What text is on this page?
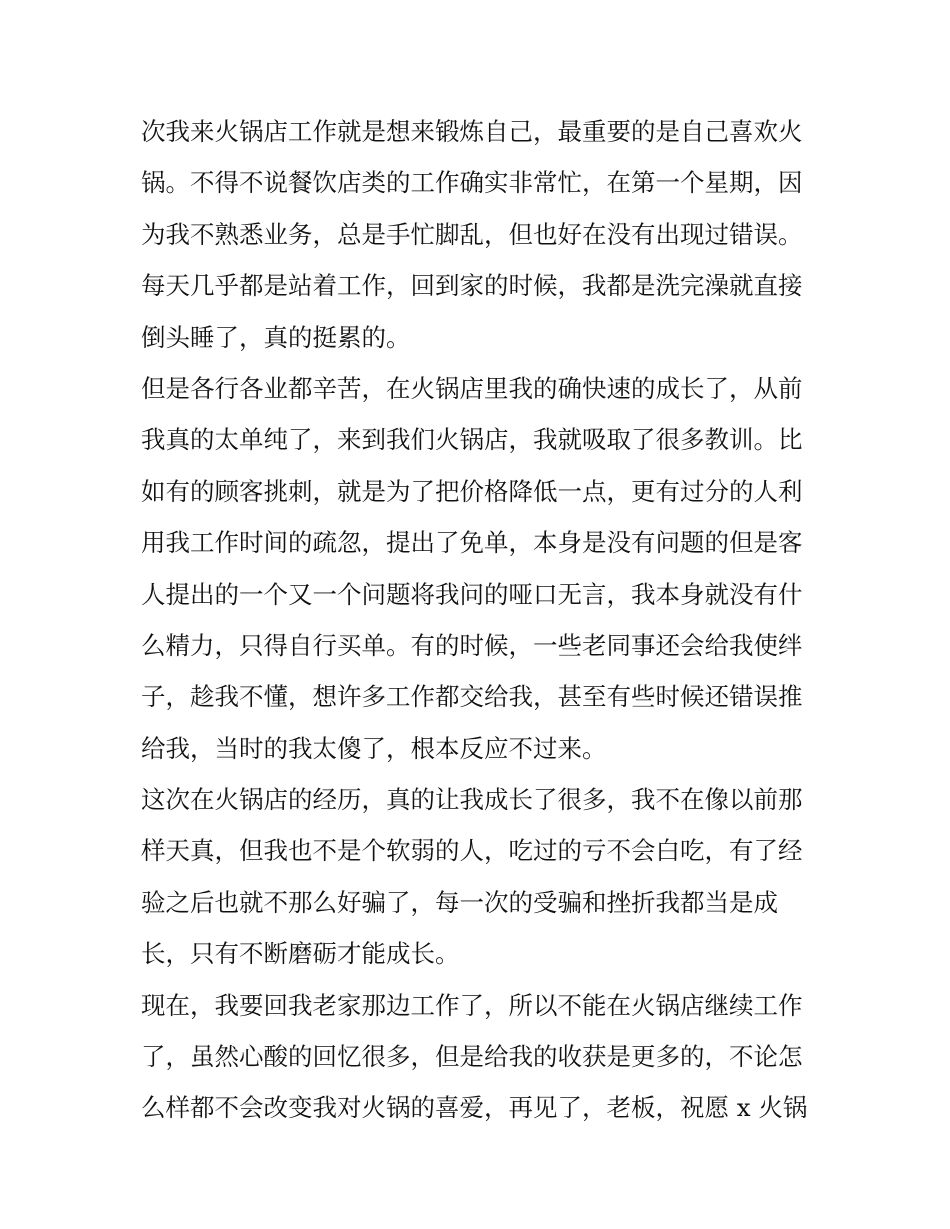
次我来火锅店工作就是想来锻炼自己，最重要的是自己喜欢火
锅。不得不说餐饮店类的工作确实非常忙，在第一个星期，因
为我不熟悉业务，总是手忙脚乱，但也好在没有出现过错误。
每天几乎都是站着工作，回到家的时候，我都是洗完澡就直接
倒头睡了，真的挺累的。
但是各行各业都辛苦，在火锅店里我的确快速的成长了，从前
我真的太单纯了，来到我们火锅店，我就吸取了很多教训。比
如有的顾客挑刺，就是为了把价格降低一点，更有过分的人利
用我工作时间的疏忽，提出了免单，本身是没有问题的但是客
人提出的一个又一个问题将我问的哑口无言，我本身就没有什
么精力，只得自行买单。有的时候，一些老同事还会给我使绊
子，趁我不懂，想许多工作都交给我，甚至有些时候还错误推
给我，当时的我太傻了，根本反应不过来。
这次在火锅店的经历，真的让我成长了很多，我不在像以前那
样天真，但我也不是个软弱的人，吃过的亏不会白吃，有了经
验之后也就不那么好骗了，每一次的受骗和挫折我都当是成
长，只有不断磨砺才能成长。
现在，我要回我老家那边工作了，所以不能在火锅店继续工作
了，虽然心酸的回忆很多，但是给我的收获是更多的，不论怎
么样都不会改变我对火锅的喜爱，再见了，老板，祝愿 x 火锅
